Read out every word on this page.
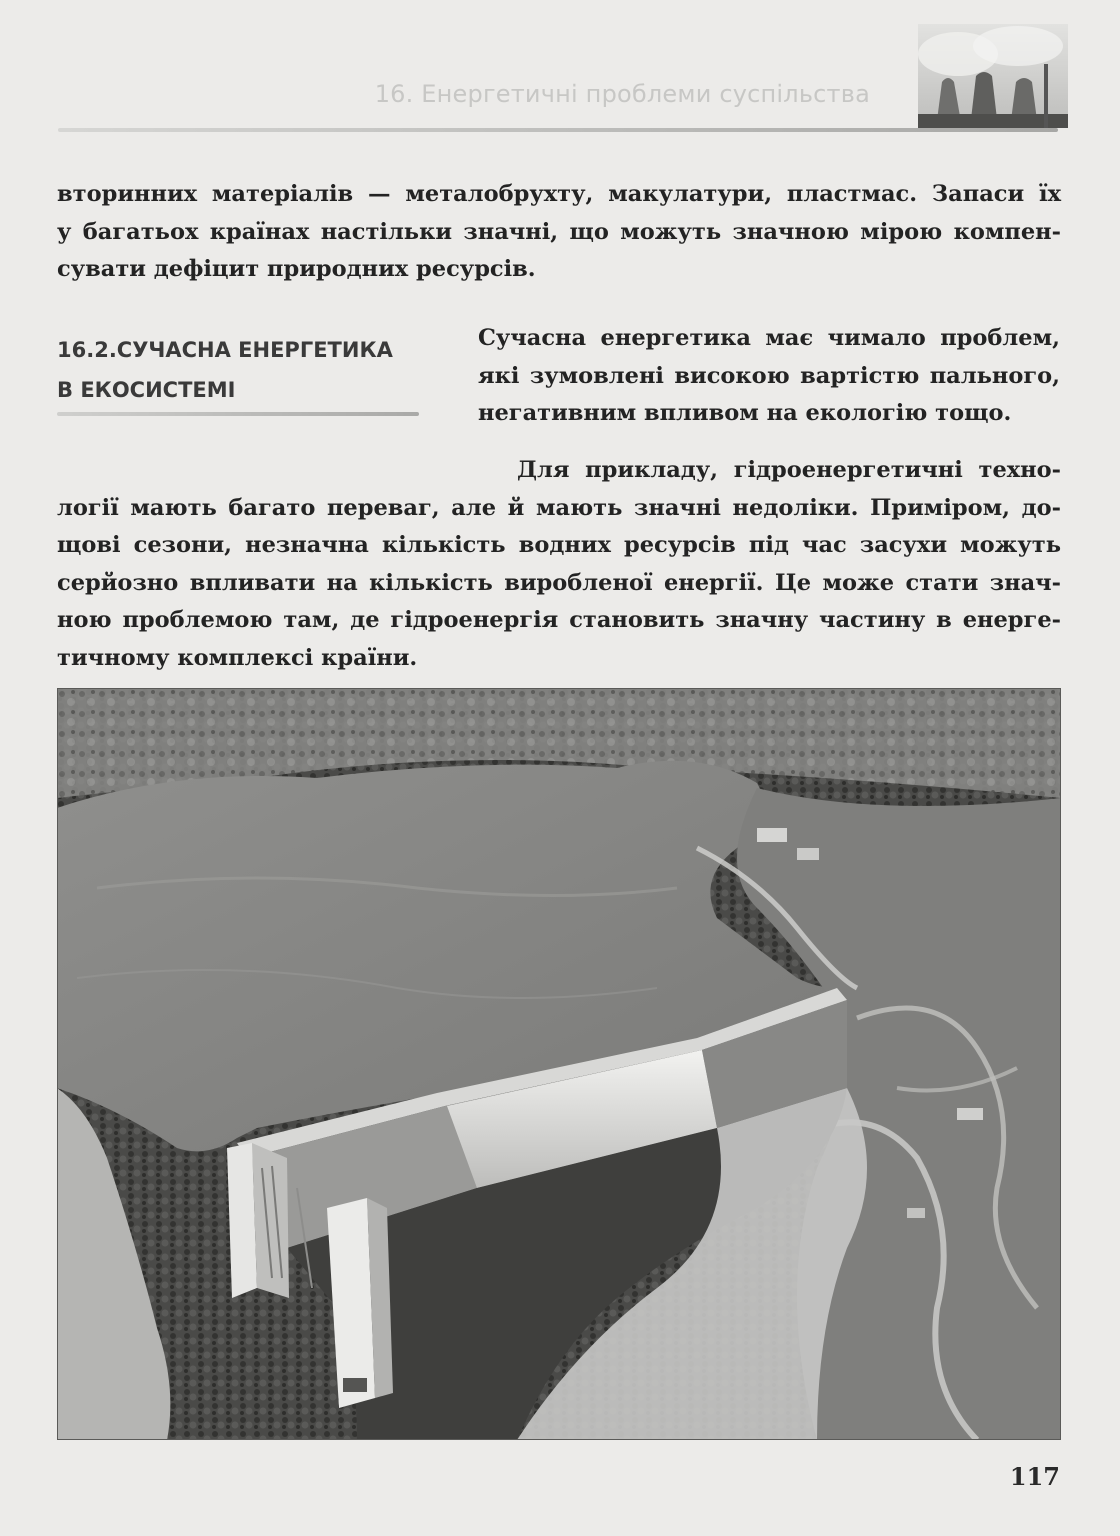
16. Енергетичні проблеми суспільства
вторинних матеріалів — металобрухту, макулатури, пластмас. Запаси їх
у багатьох країнах настільки значні, що можуть значною мірою компен-
сувати дефіцит природних ресурсів.
16.2.СУЧАСНА ЕНЕРГЕТИКА
В ЕКОСИСТЕМІ
Сучасна енергетика має чимало проблем,
які зумовлені високою вартістю пального,
негативним впливом на екологію тощо.
Для прикладу, гідроенергетичні техно-
логії мають багато переваг, але й мають значні недоліки. Приміром, до-
щові сезони, незначна кількість водних ресурсів під час засухи можуть
серйозно впливати на кількість виробленої енергії. Це може стати знач-
ною проблемою там, де гідроенергія становить значну частину в енерге-
тичному комплексі країни.
117
